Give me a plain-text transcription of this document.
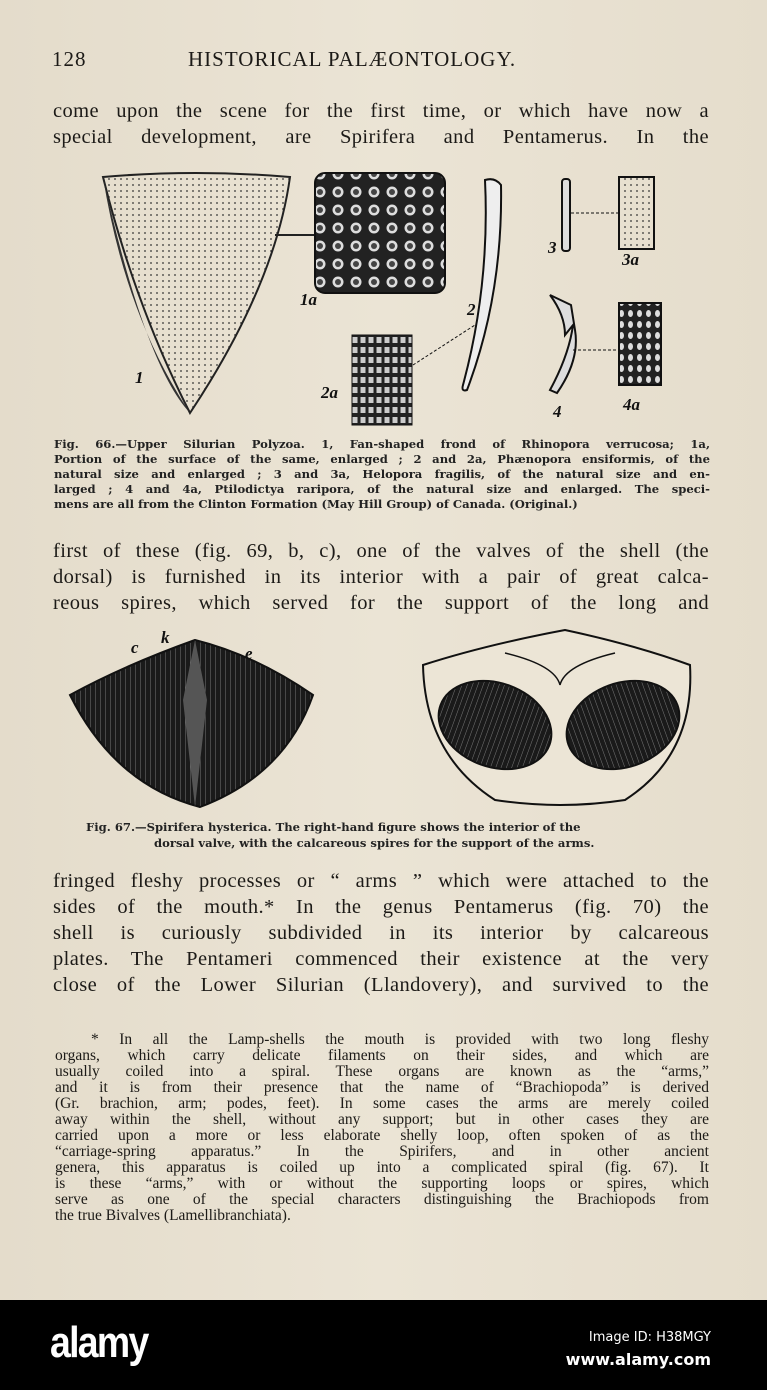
128	HISTORICAL PALÆONTOLOGY.
come upon the scene for the first time, or which have now a
special development, are Spirifera and Pentamerus. In the
1
1a
2
2a
3
3a
4	4a
Fig. 66.—Upper Silurian Polyzoa. 1, Fan-shaped frond of Rhinopora verrucosa; 1a,
Portion of the surface of the same, enlarged ; 2 and 2a, Phænopora ensiformis, of the
natural size and enlarged ; 3 and 3a, Helopora fragilis, of the natural size and en-
larged ; 4 and 4a, Ptilodictya raripora, of the natural size and enlarged. The speci-
mens are all from the Clinton Formation (May Hill Group) of Canada. (Original.)
first of these (fig. 69, b, c), one of the valves of the shell (the
dorsal) is furnished in its interior with a pair of great calca-
reous spires, which served for the support of the long and
c
k
e
Fig. 67.—Spirifera hysterica. The right-hand figure shows the interior of the
dorsal valve, with the calcareous spires for the support of the arms.
fringed fleshy processes or “ arms ” which were attached to the
sides of the mouth.* In the genus Pentamerus (fig. 70) the
shell is curiously subdivided in its interior by calcareous
plates. The Pentameri commenced their existence at the very
close of the Lower Silurian (Llandovery), and survived to the
* In all the Lamp-shells the mouth is provided with two long fleshy
organs, which carry delicate filaments on their sides, and which are
usually coiled into a spiral. These organs are known as the “arms,”
and it is from their presence that the name of “Brachiopoda” is derived
(Gr. brachion, arm; podes, feet). In some cases the arms are merely coiled
away within the shell, without any support; but in other cases they are
carried upon a more or less elaborate shelly loop, often spoken of as the
“carriage-spring apparatus.” In the Spirifers, and in other ancient
genera, this apparatus is coiled up into a complicated spiral (fig. 67). It
is these “arms,” with or without the supporting loops or spires, which
serve as one of the special characters distinguishing the Brachiopods from
the true Bivalves (Lamellibranchiata).
alamy	Image ID: H38MGY
www.alamy.com
